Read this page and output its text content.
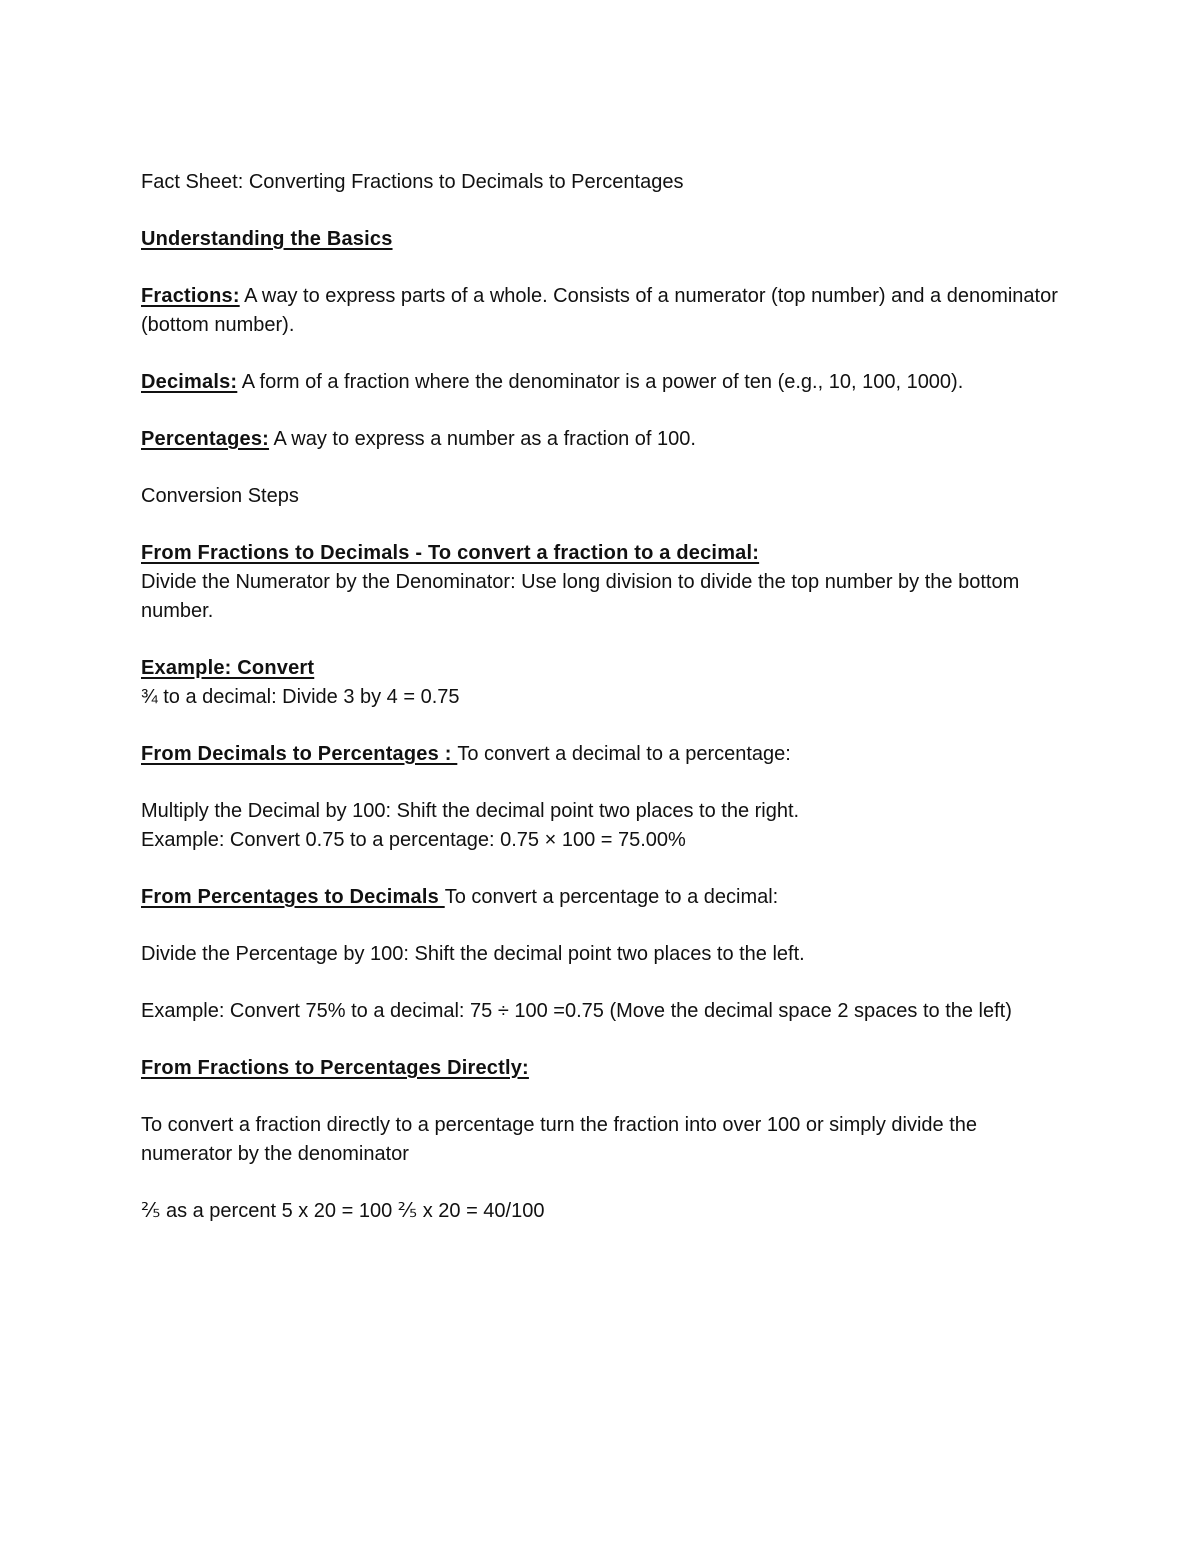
Fact Sheet: Converting Fractions to Decimals to Percentages

Understanding the Basics

Fractions: A way to express parts of a whole. Consists of a numerator (top number) and a denominator (bottom number).

Decimals: A form of a fraction where the denominator is a power of ten (e.g., 10, 100, 1000).

Percentages: A way to express a number as a fraction of 100.

Conversion Steps

From Fractions to Decimals - To convert a fraction to a decimal:

Divide the Numerator by the Denominator: Use long division to divide the top number by the bottom number.

Example: Convert

¾ to a decimal: Divide 3 by 4 = 0.75

From Decimals to Percentages : To convert a decimal to a percentage:

Multiply the Decimal by 100: Shift the decimal point two places to the right.

Example: Convert 0.75 to a percentage: 0.75 × 100 = 75.00%

From Percentages to Decimals To convert a percentage to a decimal:

Divide the Percentage by 100: Shift the decimal point two places to the left.

Example: Convert 75% to a decimal: 75 ÷ 100 =0.75 (Move the decimal space 2 spaces to the left)

From Fractions to Percentages Directly:

To convert a fraction directly to a percentage turn the fraction into over 100 or simply divide the numerator by the denominator

⅖ as a percent 5 x 20 = 100 ⅖ x 20 = 40/100
